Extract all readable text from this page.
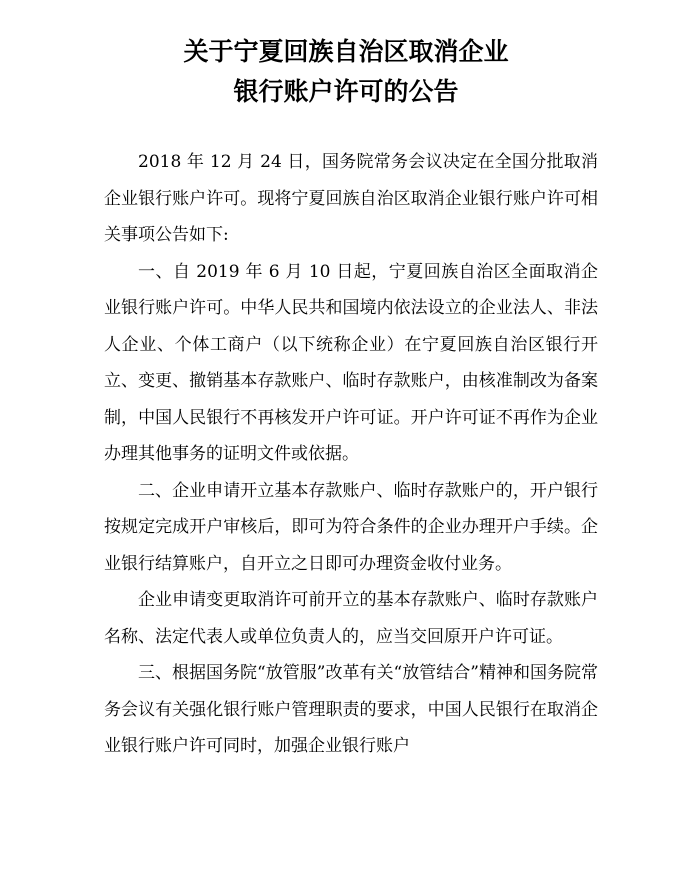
关于宁夏回族自治区取消企业
银行账户许可的公告

2018 年 12 月 24 日，国务院常务会议决定在全国分批取消企业银行账户许可。现将宁夏回族自治区取消企业银行账户许可相关事项公告如下:

一、自 2019 年 6 月 10 日起，宁夏回族自治区全面取消企业银行账户许可。中华人民共和国境内依法设立的企业法人、非法人企业、个体工商户（以下统称企业）在宁夏回族自治区银行开立、变更、撤销基本存款账户、临时存款账户，由核准制改为备案制，中国人民银行不再核发开户许可证。开户许可证不再作为企业办理其他事务的证明文件或依据。

二、企业申请开立基本存款账户、临时存款账户的，开户银行按规定完成开户审核后，即可为符合条件的企业办理开户手续。企业银行结算账户，自开立之日即可办理资金收付业务。

企业申请变更取消许可前开立的基本存款账户、临时存款账户名称、法定代表人或单位负责人的，应当交回原开户许可证。

三、根据国务院“放管服”改革有关“放管结合”精神和国务院常务会议有关强化银行账户管理职责的要求，中国人民银行在取消企业银行账户许可同时，加强企业银行账户
